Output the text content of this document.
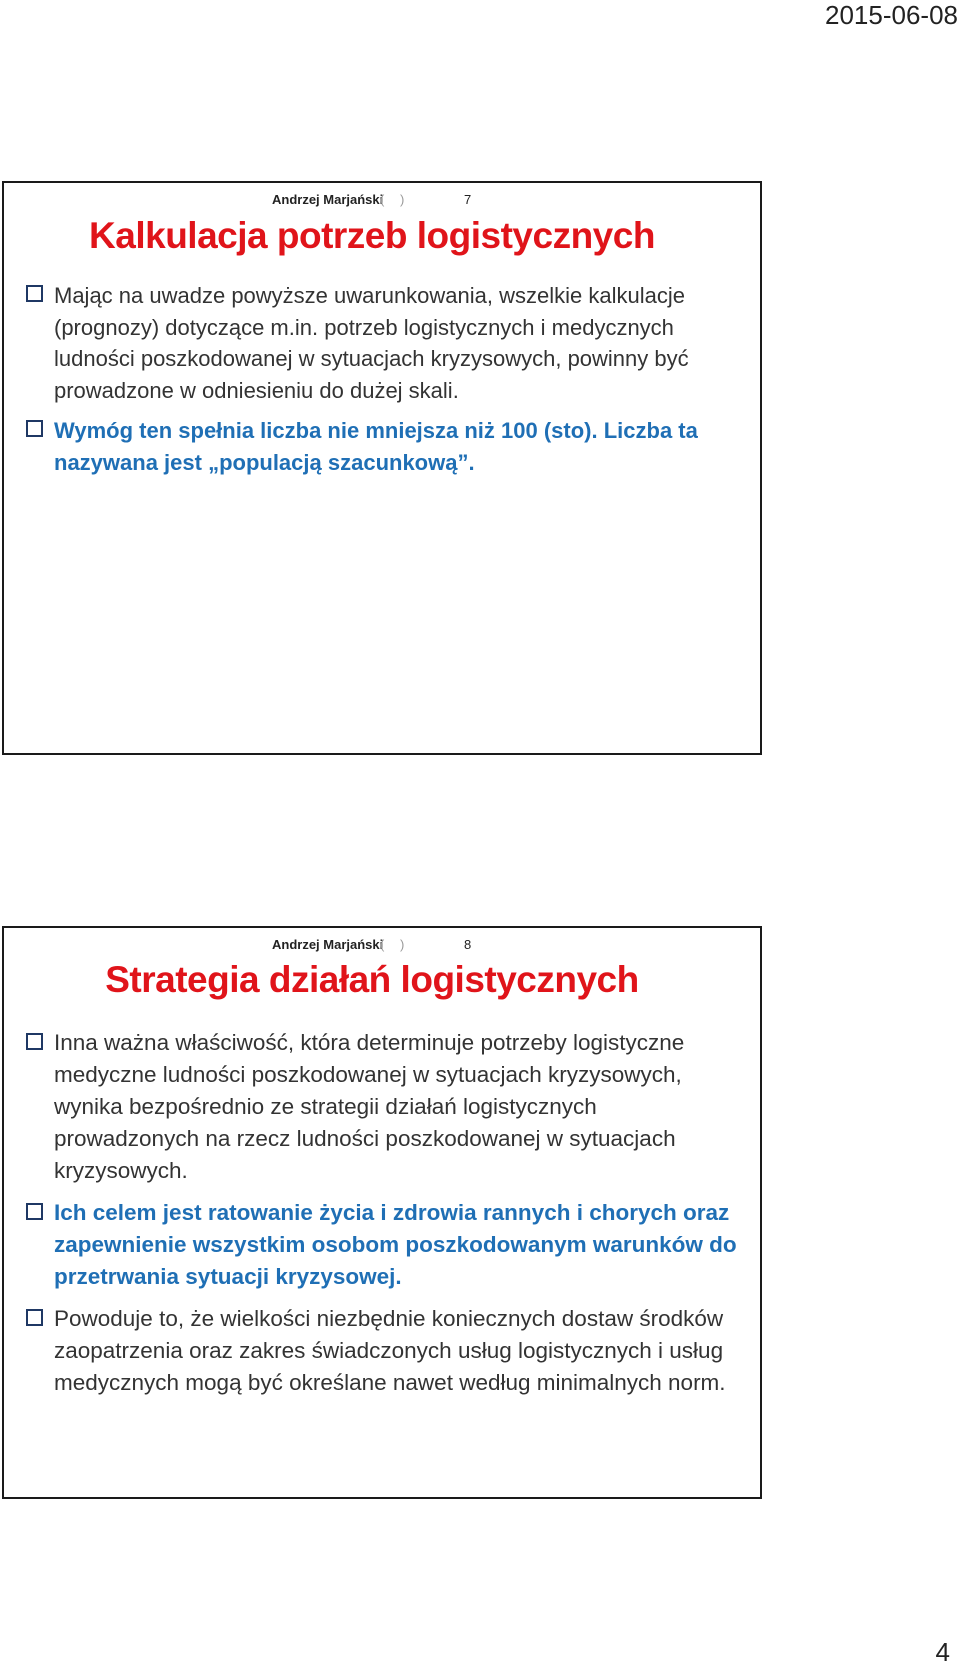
2015-06-08
Andrzej Marjański
( )	7
Kalkulacja potrzeb logistycznych
Mając na uwadze powyższe uwarunkowania, wszelkie kalkulacje (prognozy) dotyczące m.in. potrzeb logistycznych i medycznych ludności poszkodowanej w sytuacjach kryzysowych, powinny być prowadzone w odniesieniu do dużej skali.
Wymóg ten spełnia liczba nie mniejsza niż 100 (sto). Liczba ta nazywana jest „populacją szacunkową”.
Andrzej Marjański
( )	8
Strategia działań logistycznych
Inna ważna właściwość, która determinuje potrzeby logistyczne medyczne ludności poszkodowanej w sytuacjach kryzysowych, wynika bezpośrednio ze strategii działań logistycznych prowadzonych na rzecz ludności poszkodowanej w sytuacjach kryzysowych.
Ich celem jest ratowanie życia i zdrowia rannych i chorych oraz zapewnienie wszystkim osobom poszkodowanym warunków do przetrwania sytuacji kryzysowej.
Powoduje to, że wielkości niezbędnie koniecznych dostaw środków zaopatrzenia oraz zakres świadczonych usług logistycznych i usług medycznych mogą być określane nawet według minimalnych norm.
4
